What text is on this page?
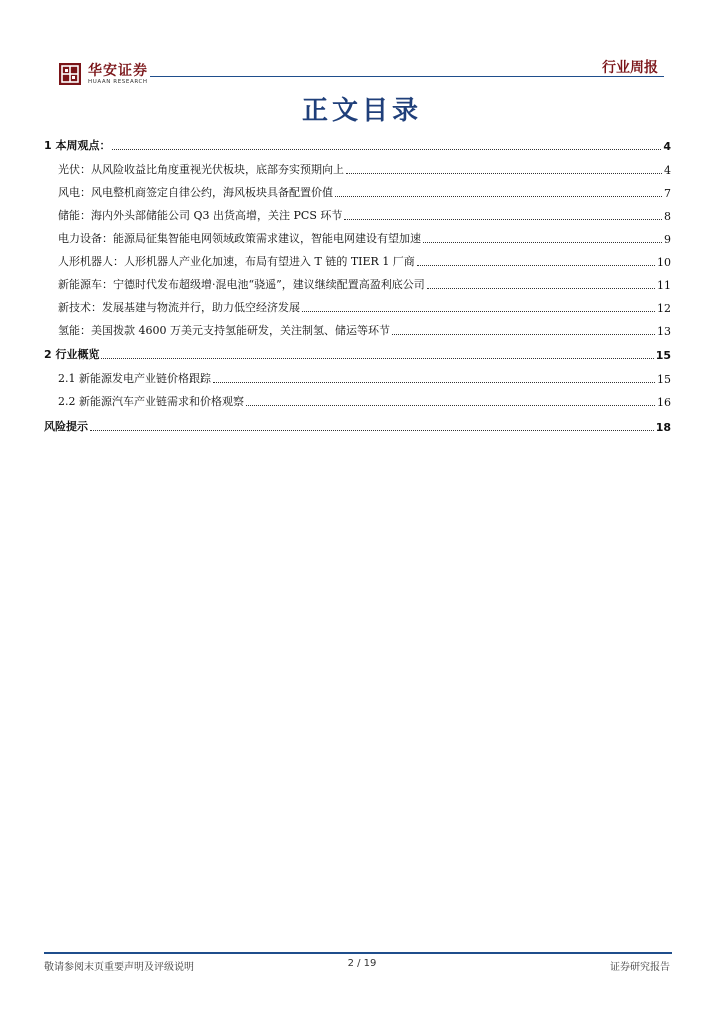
华安证券
HUAAN RESEARCH
行业周报
正文目录
1 本周观点：	4
光伏：从风险收益比角度重视光伏板块，底部夯实预期向上	4
风电：风电整机商签定自律公约，海风板块具备配置价值	7
储能：海内外头部储能公司 Q3 出货高增，关注 PCS 环节	8
电力设备：能源局征集智能电网领域政策需求建议，智能电网建设有望加速	9
人形机器人：人形机器人产业化加速，布局有望进入 T 链的 TIER 1 厂商	10
新能源车：宁德时代发布超级增·混电池“骁遥”，建议继续配置高盈利底公司	11
新技术：发展基建与物流并行，助力低空经济发展	12
氢能：美国拨款 4600 万美元支持氢能研发，关注制氢、储运等环节	13
2 行业概览	15
2.1 新能源发电产业链价格跟踪	15
2.2 新能源汽车产业链需求和价格观察	16
风险提示	18
敬请参阅末页重要声明及评级说明	2 / 19	证券研究报告
